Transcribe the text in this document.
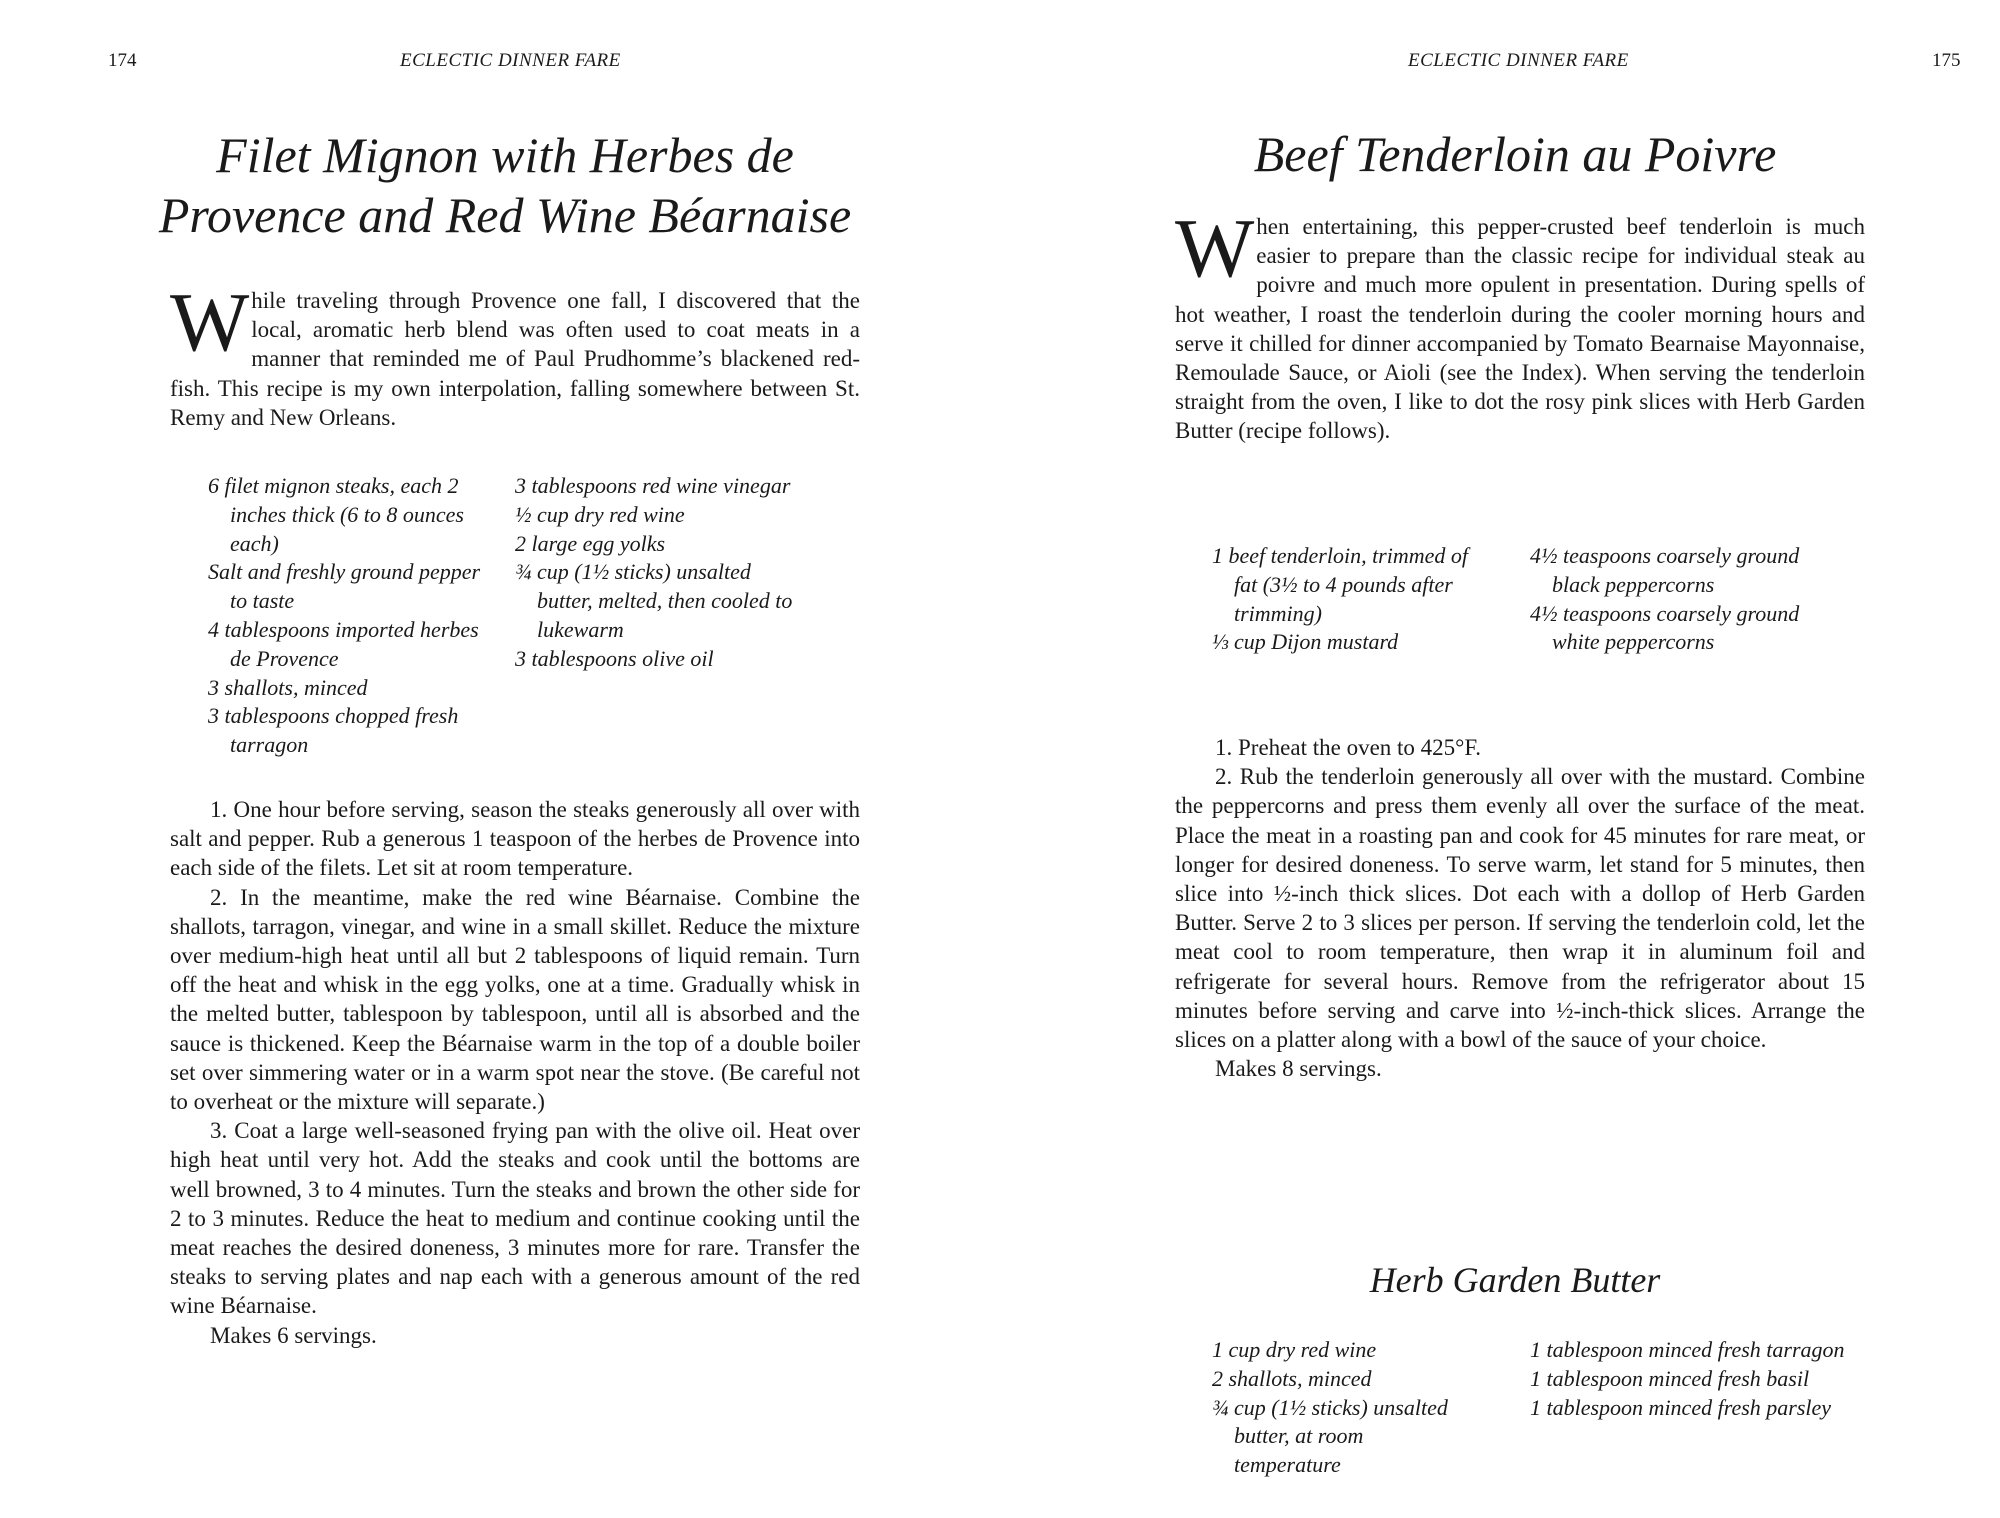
174	ECLECTIC DINNER FARE
Filet Mignon with Herbes de
Provence and Red Wine Béarnaise

While traveling through Provence one fall, I discovered that the local, aromatic herb blend was often used to coat meats in a manner that reminded me of Paul Prudhomme’s blackened red-fish. This recipe is my own interpolation, falling somewhere between St. Remy and New Orleans.

6 filet mignon steaks, each 2 inches thick (6 to 8 ounces each)
Salt and freshly ground pepper to taste
4 tablespoons imported herbes de Provence
3 shallots, minced
3 tablespoons chopped fresh tarragon
3 tablespoons red wine vinegar
½ cup dry red wine
2 large egg yolks
¾ cup (1½ sticks) unsalted butter, melted, then cooled to lukewarm
3 tablespoons olive oil

1. One hour before serving, season the steaks generously all over with salt and pepper. Rub a generous 1 teaspoon of the herbes de Provence into each side of the filets. Let sit at room temperature.

2. In the meantime, make the red wine Béarnaise. Combine the shallots, tarragon, vinegar, and wine in a small skillet. Reduce the mixture over medium-high heat until all but 2 tablespoons of liquid remain. Turn off the heat and whisk in the egg yolks, one at a time. Gradually whisk in the melted butter, tablespoon by tablespoon, until all is absorbed and the sauce is thickened. Keep the Béarnaise warm in the top of a double boiler set over simmering water or in a warm spot near the stove. (Be careful not to overheat or the mixture will separate.)

3. Coat a large well-seasoned frying pan with the olive oil. Heat over high heat until very hot. Add the steaks and cook until the bottoms are well browned, 3 to 4 minutes. Turn the steaks and brown the other side for 2 to 3 minutes. Reduce the heat to medium and continue cooking until the meat reaches the desired doneness, 3 minutes more for rare. Transfer the steaks to serving plates and nap each with a generous amount of the red wine Béarnaise.

Makes 6 servings.

ECLECTIC DINNER FARE	175
Beef Tenderloin au Poivre

When entertaining, this pepper-crusted beef tenderloin is much easier to prepare than the classic recipe for individual steak au poivre and much more opulent in presentation. During spells of hot weather, I roast the tenderloin during the cooler morning hours and serve it chilled for dinner accompanied by Tomato Bearnaise Mayonnaise, Remoulade Sauce, or Aioli (see the Index). When serving the tenderloin straight from the oven, I like to dot the rosy pink slices with Herb Garden Butter (recipe follows).

1 beef tenderloin, trimmed of fat (3½ to 4 pounds after trimming)
⅓ cup Dijon mustard
4½ teaspoons coarsely ground black peppercorns
4½ teaspoons coarsely ground white peppercorns

1. Preheat the oven to 425°F.

2. Rub the tenderloin generously all over with the mustard. Combine the peppercorns and press them evenly all over the surface of the meat. Place the meat in a roasting pan and cook for 45 minutes for rare meat, or longer for desired doneness. To serve warm, let stand for 5 minutes, then slice into ½-inch thick slices. Dot each with a dollop of Herb Garden Butter. Serve 2 to 3 slices per person. If serving the tenderloin cold, let the meat cool to room temperature, then wrap it in aluminum foil and refrigerate for several hours. Remove from the refrigerator about 15 minutes before serving and carve into ½-inch-thick slices. Arrange the slices on a platter along with a bowl of the sauce of your choice.

Makes 8 servings.

Herb Garden Butter
1 cup dry red wine
2 shallots, minced
¾ cup (1½ sticks) unsalted butter, at room temperature
1 tablespoon minced fresh tarragon
1 tablespoon minced fresh basil
1 tablespoon minced fresh parsley
